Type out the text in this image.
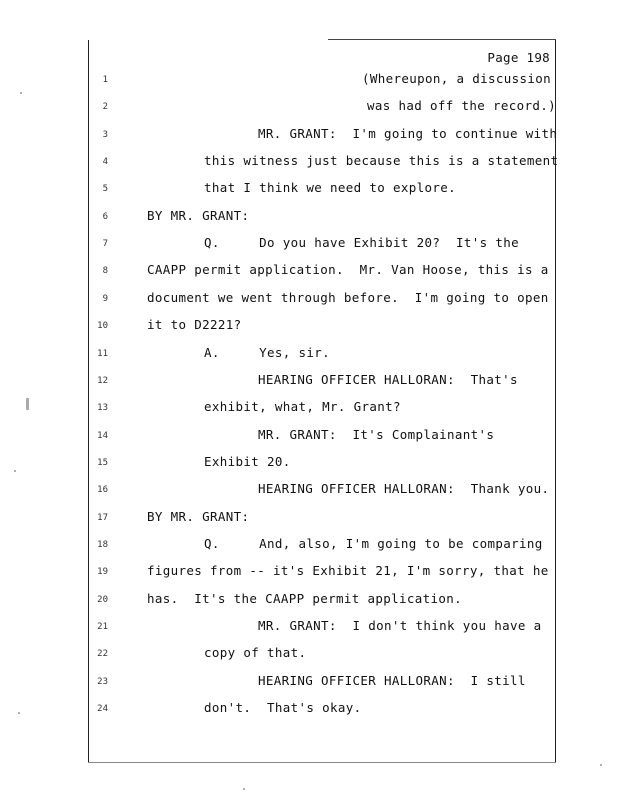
Page 198
1	(Whereupon, a discussion
2	was had off the record.)
3	MR. GRANT:  I'm going to continue with
4	this witness just because this is a statement
5	that I think we need to explore.
6	BY MR. GRANT:
7	Q.     Do you have Exhibit 20?  It's the
8	CAAPP permit application.  Mr. Van Hoose, this is a
9	document we went through before.  I'm going to open
10	it to D2221?
11	A.     Yes, sir.
12	HEARING OFFICER HALLORAN:  That's
13	exhibit, what, Mr. Grant?
14	MR. GRANT:  It's Complainant's
15	Exhibit 20.
16	HEARING OFFICER HALLORAN:  Thank you.
17	BY MR. GRANT:
18	Q.     And, also, I'm going to be comparing
19	figures from -- it's Exhibit 21, I'm sorry, that he
20	has.  It's the CAAPP permit application.
21	MR. GRANT:  I don't think you have a
22	copy of that.
23	HEARING OFFICER HALLORAN:  I still
24	don't.  That's okay.
